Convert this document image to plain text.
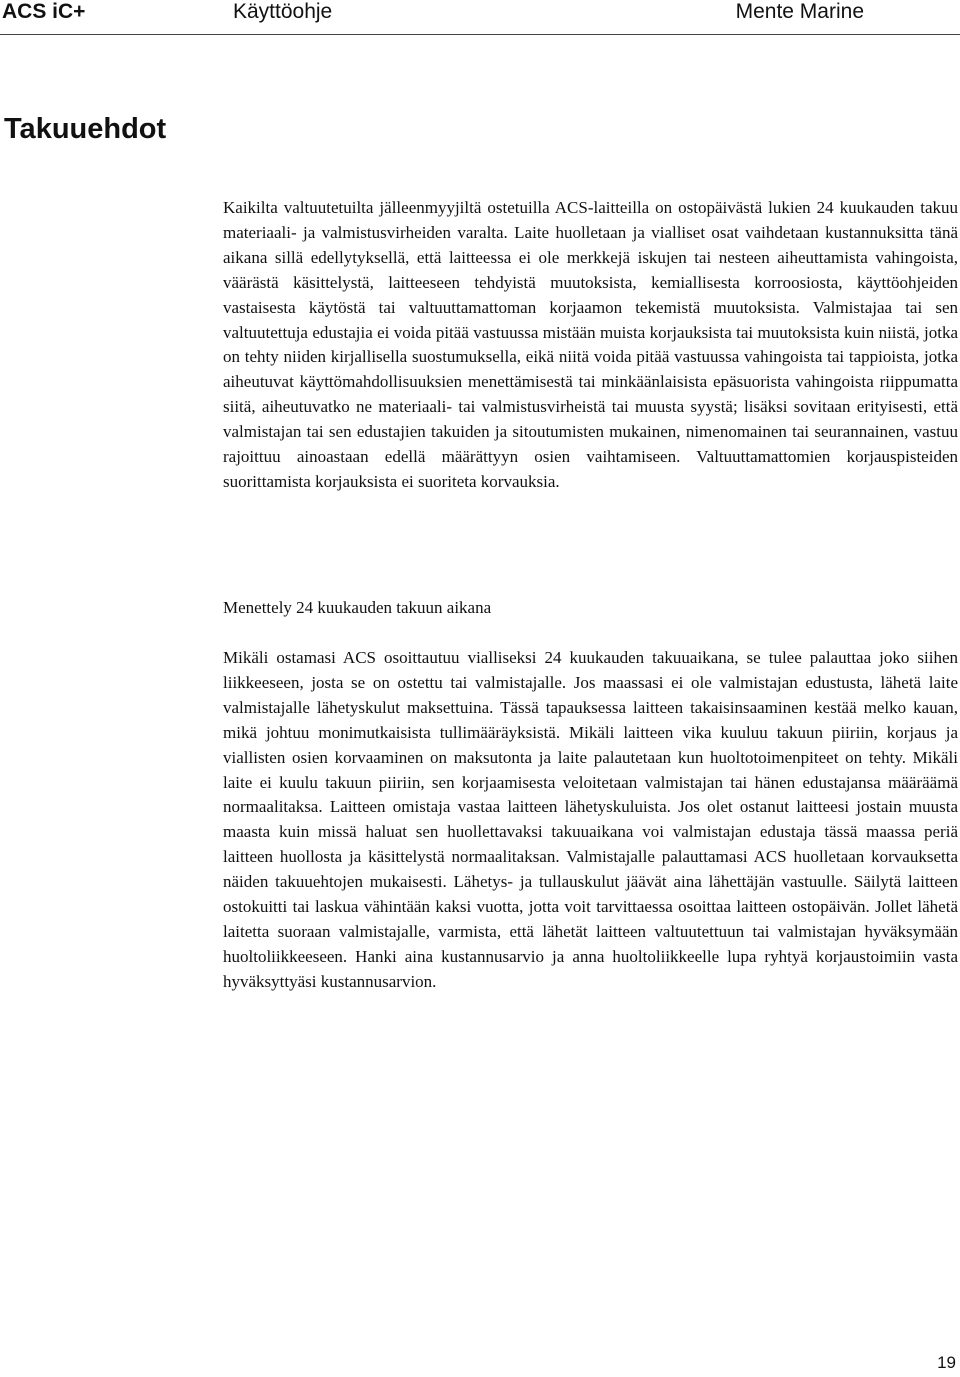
ACS iC+	Käyttöohje	Mente Marine
Takuuehdot

Kaikilta valtuutetuilta jälleenmyyjiltä ostetuilla ACS-laitteilla on ostopäivästä lukien 24 kuukauden takuu materiaali- ja valmistusvirheiden varalta. Laite huolletaan ja vialliset osat vaihdetaan kustannuksitta tänä aikana sillä edellytyksellä, että laitteessa ei ole merkkejä iskujen tai nesteen aiheuttamista vahingoista, väärästä käsittelystä, laitteeseen tehdyistä muutoksista, kemiallisesta korroosiosta, käyttöohjeiden vastaisesta käytöstä tai valtuuttamattoman korjaamon tekemistä muutoksista. Valmistajaa tai sen valtuutettuja edustajia ei voida pitää vastuussa mistään muista korjauksista tai muutoksista kuin niistä, jotka on tehty niiden kirjallisella suostumuksella, eikä niitä voida pitää vastuussa vahingoista tai tappioista, jotka aiheutuvat käyttömahdollisuuksien menettämisestä tai minkäänlaisista epäsuorista vahingoista riippumatta siitä, aiheutuvatko ne materiaali- tai valmistusvirheistä tai muusta syystä; lisäksi sovitaan erityisesti, että valmistajan tai sen edustajien takuiden ja sitoutumisten mukainen, nimenomainen tai seurannainen, vastuu rajoittuu ainoastaan edellä määrättyyn osien vaihtamiseen. Valtuuttamattomien korjauspisteiden suorittamista korjauksista ei suoriteta korvauksia.

Menettely 24 kuukauden takuun aikana

Mikäli ostamasi ACS osoittautuu vialliseksi 24 kuukauden takuuaikana, se tulee palauttaa joko siihen liikkeeseen, josta se on ostettu tai valmistajalle. Jos maassasi ei ole valmistajan edustusta, lähetä laite valmistajalle lähetyskulut maksettuina. Tässä tapauksessa laitteen takaisinsaaminen kestää melko kauan, mikä johtuu monimutkaisista tullimääräyksistä. Mikäli laitteen vika kuuluu takuun piiriin, korjaus ja viallisten osien korvaaminen on maksutonta ja laite palautetaan kun huoltotoimenpiteet on tehty. Mikäli laite ei kuulu takuun piiriin, sen korjaamisesta veloitetaan valmistajan tai hänen edustajansa määräämä normaalitaksa. Laitteen omistaja vastaa laitteen lähetyskuluista. Jos olet ostanut laitteesi jostain muusta maasta kuin missä haluat sen huollettavaksi takuuaikana voi valmistajan edustaja tässä maassa periä laitteen huollosta ja käsittelystä normaalitaksan. Valmistajalle palauttamasi ACS huolletaan korvauksetta näiden takuuehtojen mukaisesti. Lähetys- ja tullauskulut jäävät aina lähettäjän vastuulle. Säilytä laitteen ostokuitti tai laskua vähintään kaksi vuotta, jotta voit tarvittaessa osoittaa laitteen ostopäivän. Jollet lähetä laitetta suoraan valmistajalle, varmista, että lähetät laitteen valtuutettuun tai valmistajan hyväksymään huoltoliikkeeseen. Hanki aina kustannusarvio ja anna huoltoliikkeelle lupa ryhtyä korjaustoimiin vasta hyväksyttyäsi kustannusarvion.

19
